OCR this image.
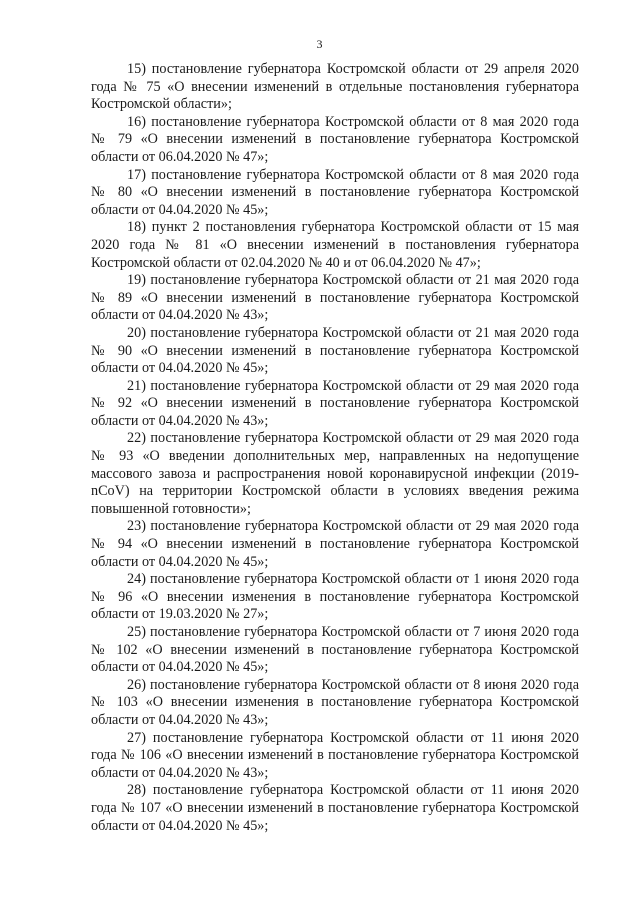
3

15) постановление губернатора Костромской области от 29 апреля 2020 года № 75 «О внесении изменений в отдельные постановления губернатора Костромской области»;

16) постановление губернатора Костромской области от 8 мая 2020 года № 79 «О внесении изменений в постановление губернатора Костромской области от 06.04.2020 № 47»;

17) постановление губернатора Костромской области от 8 мая 2020 года № 80 «О внесении изменений в постановление губернатора Костромской области от 04.04.2020 № 45»;

18) пункт 2 постановления губернатора Костромской области от 15 мая 2020 года № 81 «О внесении изменений в постановления губернатора Костромской области от 02.04.2020 № 40 и от 06.04.2020 № 47»;

19) постановление губернатора Костромской области от 21 мая 2020 года № 89 «О внесении изменений в постановление губернатора Костромской области от 04.04.2020 № 43»;

20) постановление губернатора Костромской области от 21 мая 2020 года № 90 «О внесении изменений в постановление губернатора Костромской области от 04.04.2020 № 45»;

21) постановление губернатора Костромской области от 29 мая 2020 года № 92 «О внесении изменений в постановление губернатора Костромской области от 04.04.2020 № 43»;

22) постановление губернатора Костромской области от 29 мая 2020 года № 93 «О введении дополнительных мер, направленных на недопущение массового завоза и распространения новой коронавирусной инфекции (2019-nCoV) на территории Костромской области в условиях введения режима повышенной готовности»;

23) постановление губернатора Костромской области от 29 мая 2020 года № 94 «О внесении изменений в постановление губернатора Костромской области от 04.04.2020 № 45»;

24) постановление губернатора Костромской области от 1 июня 2020 года № 96 «О внесении изменения в постановление губернатора Костромской области от 19.03.2020 № 27»;

25) постановление губернатора Костромской области от 7 июня 2020 года № 102 «О внесении изменений в постановление губернатора Костромской области от 04.04.2020 № 45»;

26) постановление губернатора Костромской области от 8 июня 2020 года № 103 «О внесении изменения в постановление губернатора Костромской области от 04.04.2020 № 43»;

27) постановление губернатора Костромской области от 11 июня 2020 года № 106 «О внесении изменений в постановление губернатора Костромской области от 04.04.2020 № 43»;

28) постановление губернатора Костромской области от 11 июня 2020 года № 107 «О внесении изменений в постановление губернатора Костромской области от 04.04.2020 № 45»;
